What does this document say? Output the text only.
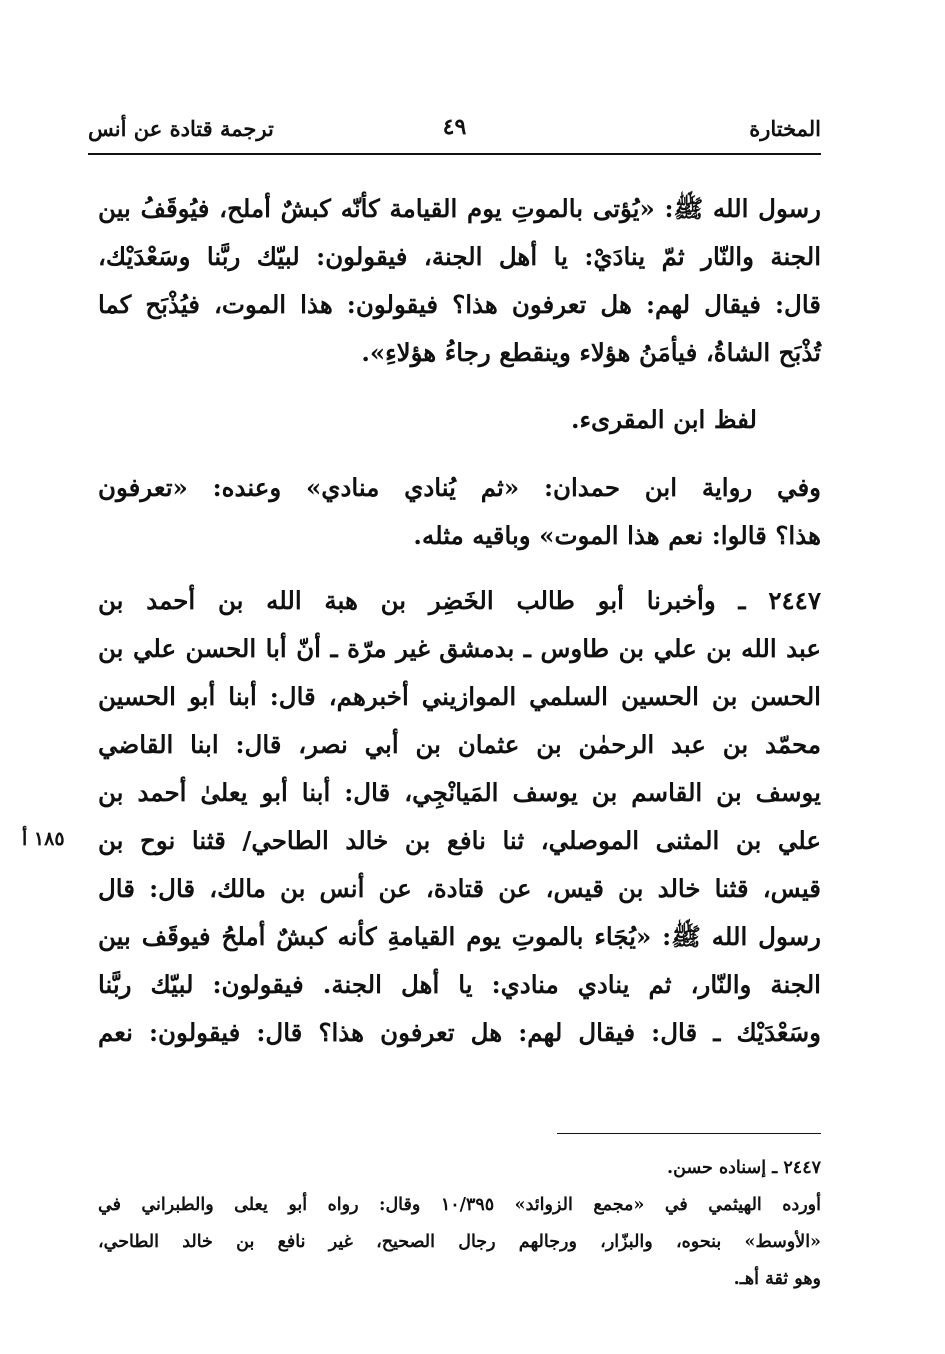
المختارة
٤٩
ترجمة قتادة عن أنس
رسول الله ﷺ: «يُؤتى بالموتِ يوم القيامة كأنّه كبشٌ أملح، فيُوقَفُ بين
الجنة والنّار ثمّ ينادَيْ: يا أهل الجنة، فيقولون: لبيّك ربَّنا وسَعْدَيْك،
قال: فيقال لهم: هل تعرفون هذا؟ فيقولون: هذا الموت، فيُذْبَح كما
تُذْبَح الشاةُ، فيأمَنُ هؤلاء وينقطع رجاءُ هؤلاءِ».
لفظ ابن المقرىء.
وفي رواية ابن حمدان: «ثم يُنادي منادي» وعنده: «تعرفون
هذا؟ قالوا: نعم هذا الموت» وباقيه مثله.
٢٤٤٧ ـ وأخبرنا أبو طالب الخَضِر بن هبة الله بن أحمد بن
عبد الله بن علي بن طاوس ـ بدمشق غير مرّة ـ أنّ أبا الحسن علي بن
الحسن بن الحسين السلمي الموازيني أخبرهم، قال: أبنا أبو الحسين
محمّد بن عبد الرحمٰن بن عثمان بن أبي نصر، قال: ابنا القاضي
يوسف بن القاسم بن يوسف المَيانْجِي، قال: أبنا أبو يعلىٰ أحمد بن
علي بن المثنى الموصلي، ثنا نافع بن خالد الطاحي/ قثنا نوح بن
قيس، قثنا خالد بن قيس، عن قتادة، عن أنس بن مالك، قال: قال
رسول الله ﷺ: «يُجَاء بالموتِ يوم القيامةِ كأنه كبشٌ أملحُ فيوقَف بين
الجنة والنّار، ثم ينادي منادي: يا أهل الجنة. فيقولون: لبيّك ربَّنا
وسَعْدَيْك ـ قال: فيقال لهم: هل تعرفون هذا؟ قال: فيقولون: نعم
١٨٥ أ
٢٤٤٧ ـ إسناده حسن.
أورده الهيثمي في «مجمع الزوائد» ١٠/٣٩٥ وقال: رواه أبو يعلى والطبراني في
«الأوسط» بنحوه، والبزّار، ورجالهم رجال الصحيح، غير نافع بن خالد الطاحي،
وهو ثقة أهـ.
